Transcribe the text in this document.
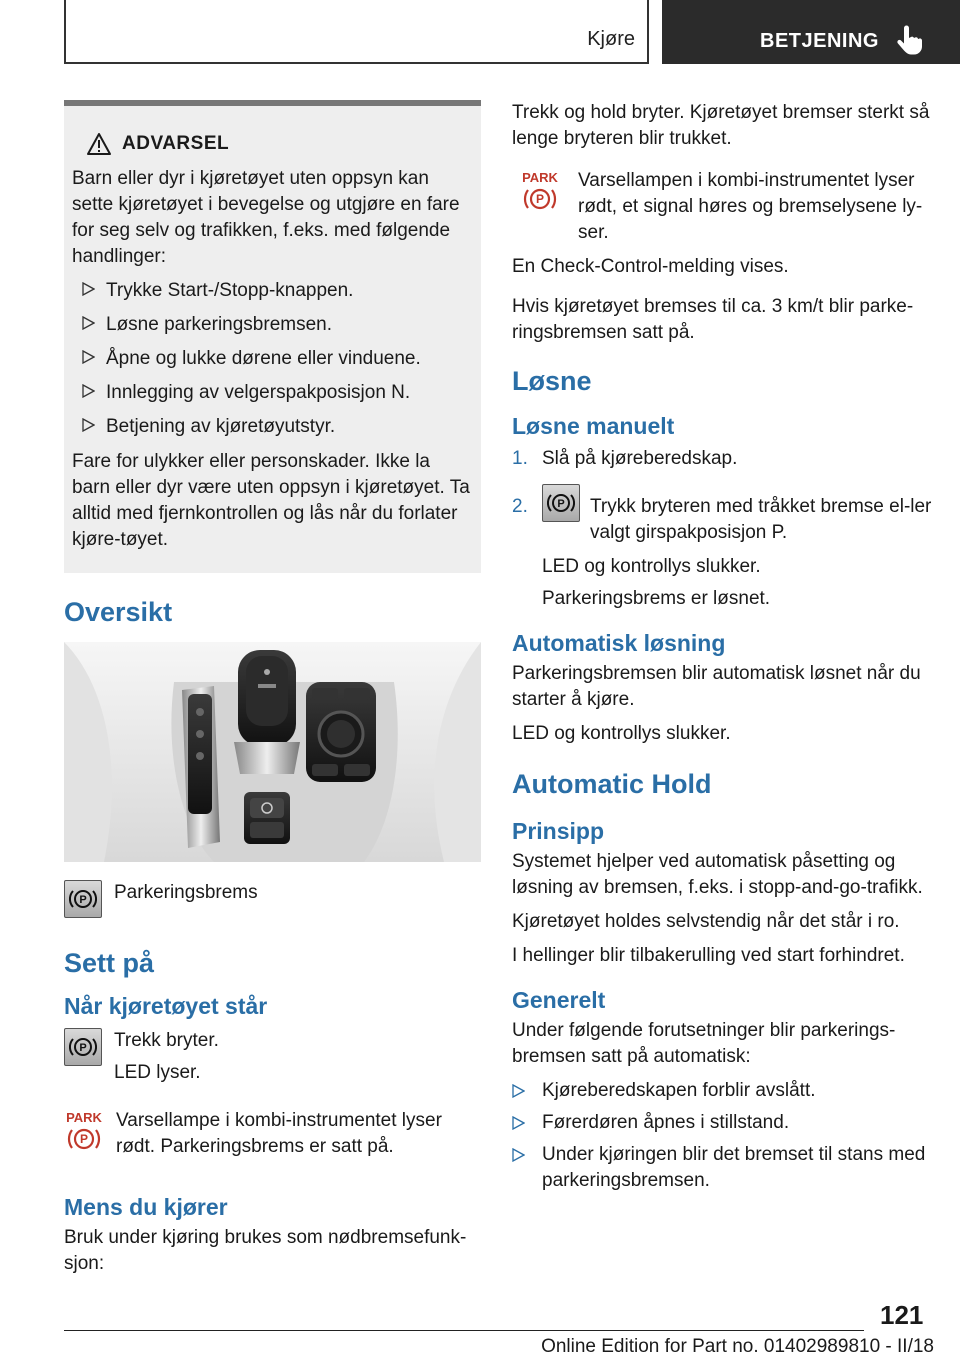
Kjøre	BETJENING
ADVARSEL

Barn eller dyr i kjøretøyet uten oppsyn kan sette kjøretøyet i bevegelse og utgjøre en fare for seg selv og trafikken, f.eks. med følgende handlinger:

Trykke Start-/Stopp-knappen.
Løsne parkeringsbremsen.
Åpne og lukke dørene eller vinduene.
Innlegging av velgerspakposisjon N.
Betjening av kjøretøyutstyr.

Fare for ulykker eller personskader. Ikke la barn eller dyr være uten oppsyn i kjøretøyet. Ta alltid med fjernkontrollen og lås når du forlater kjøre-tøyet.

Oversikt
P Parkeringsbrems
Sett på
Når kjøretøyet står
P Trekk bryter.
LED lyser.
PARK
P
Varsellampe i kombi-instrumentet lyser rødt. Parkeringsbrems er satt på.
Mens du kjører
Bruk under kjøring brukes som nødbremsefunk-sjon:
Trekk og hold bryter. Kjøretøyet bremser sterkt så lenge bryteren blir trukket.
PARK
P
Varsellampen i kombi-instrumentet lyser rødt, et signal høres og bremselysene ly-ser.
En Check-Control-melding vises.
Hvis kjøretøyet bremses til ca. 3 km/t blir parke-ringsbremsen satt på.
Løsne
Løsne manuelt
1. Slå på kjøreberedskap.
2.	P Trykk bryteren med tråkket bremse el-ler valgt girspakposisjon P.
LED og kontrollys slukker.
Parkeringsbrems er løsnet.
Automatisk løsning
Parkeringsbremsen blir automatisk løsnet når du starter å kjøre.
LED og kontrollys slukker.
Automatic Hold
Prinsipp
Systemet hjelper ved automatisk påsetting og løsning av bremsen, f.eks. i stopp-and-go-trafikk.
Kjøretøyet holdes selvstendig når det står i ro.
I hellinger blir tilbakerulling ved start forhindret.
Generelt
Under følgende forutsetninger blir parkerings-bremsen satt på automatisk:
Kjøreberedskapen forblir avslått.
Førerdøren åpnes i stillstand.
Under kjøringen blir det bremset til stans med parkeringsbremsen.
121
Online Edition for Part no. 01402989810 - II/18
